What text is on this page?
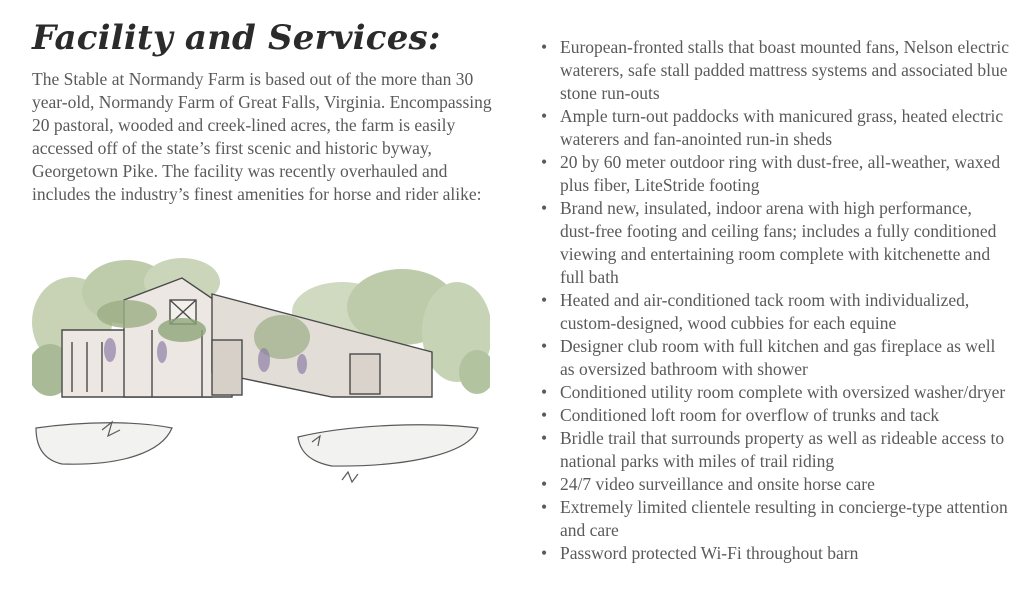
Facility and Services:

The Stable at Normandy Farm is based out of the more than 30 year-old, Normandy Farm of Great Falls, Virginia. Encompassing 20 pastoral, wooded and creek-lined acres, the farm is easily accessed off of the state’s first scenic and historic byway, Georgetown Pike. The facility was recently overhauled and includes the industry’s finest amenities for horse and rider alike:

• European-fronted stalls that boast mounted fans, Nelson electric waterers, safe stall padded mattress systems and associated blue stone run-outs
• Ample turn-out paddocks with manicured grass, heated electric waterers and fan-anointed run-in sheds
• 20 by 60 meter outdoor ring with dust-free, all-weather, waxed plus fiber, LiteStride footing
• Brand new, insulated, indoor arena with high performance, dust-free footing and ceiling fans; includes a fully conditioned viewing and entertaining room complete with kitchenette and full bath
• Heated and air-conditioned tack room with individualized, custom-designed, wood cubbies for each equine
• Designer club room with full kitchen and gas fireplace as well as oversized bathroom with shower
• Conditioned utility room complete with oversized washer/dryer
• Conditioned loft room for overflow of trunks and tack
• Bridle trail that surrounds property as well as rideable access to national parks with miles of trail riding
• 24/7 video surveillance and onsite horse care
• Extremely limited clientele resulting in concierge-type attention and care
• Password protected Wi-Fi throughout barn
